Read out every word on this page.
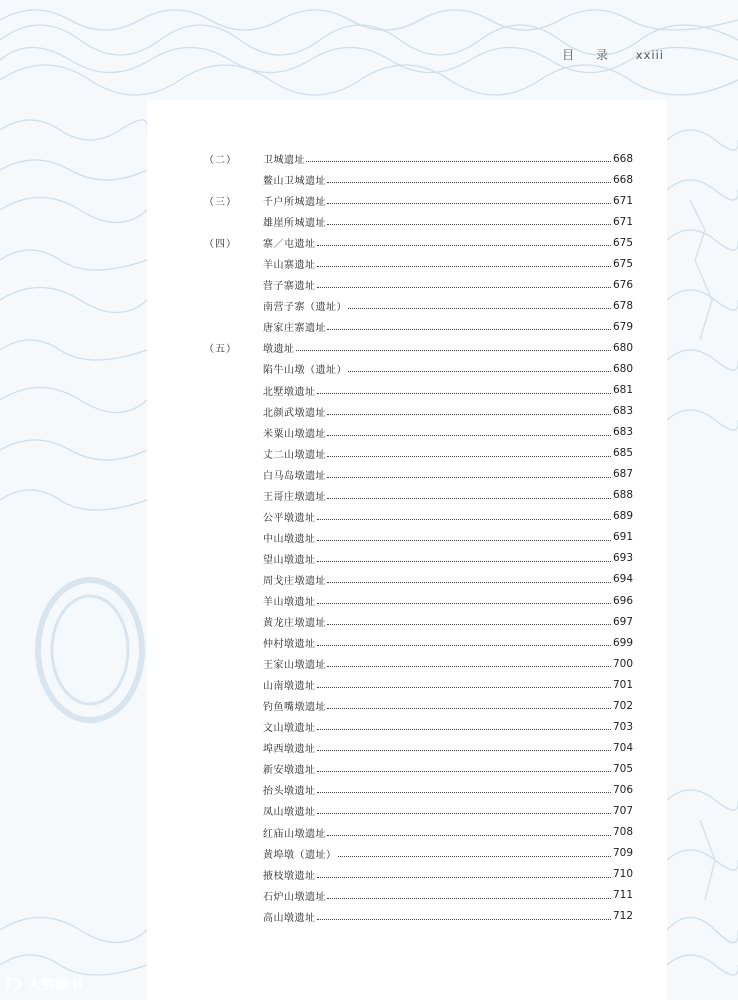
目 录 xxiii
（二）	卫城遗址	668
鳌山卫城遗址	668
（三）	千户所城遗址	671
雄崖所城遗址	671
（四）	寨／屯遗址	675
羊山寨遗址	675
营子寨遗址	676
南营子寨（遗址）	678
唐家庄寨遗址	679
（五）	墩遗址	680
陷牛山墩（遗址）	680
北墅墩遗址	681
北颜武墩遗址	683
米粟山墩遗址	683
丈二山墩遗址	685
白马岛墩遗址	687
王哥庄墩遗址	688
公平墩遗址	689
中山墩遗址	691
望山墩遗址	693
周戈庄墩遗址	694
羊山墩遗址	696
黄龙庄墩遗址	697
仲村墩遗址	699
王家山墩遗址	700
山南墩遗址	701
钓鱼嘴墩遗址	702
文山墩遗址	703
埠西墩遗址	704
新安墩遗址	705
抬头墩遗址	706
凤山墩遗址	707
红庙山墩遗址	708
黄埠墩（遗址）	709
掖枝墩遗址	710
石炉山墩遗址	711
高山墩遗址	712
大数藏书
